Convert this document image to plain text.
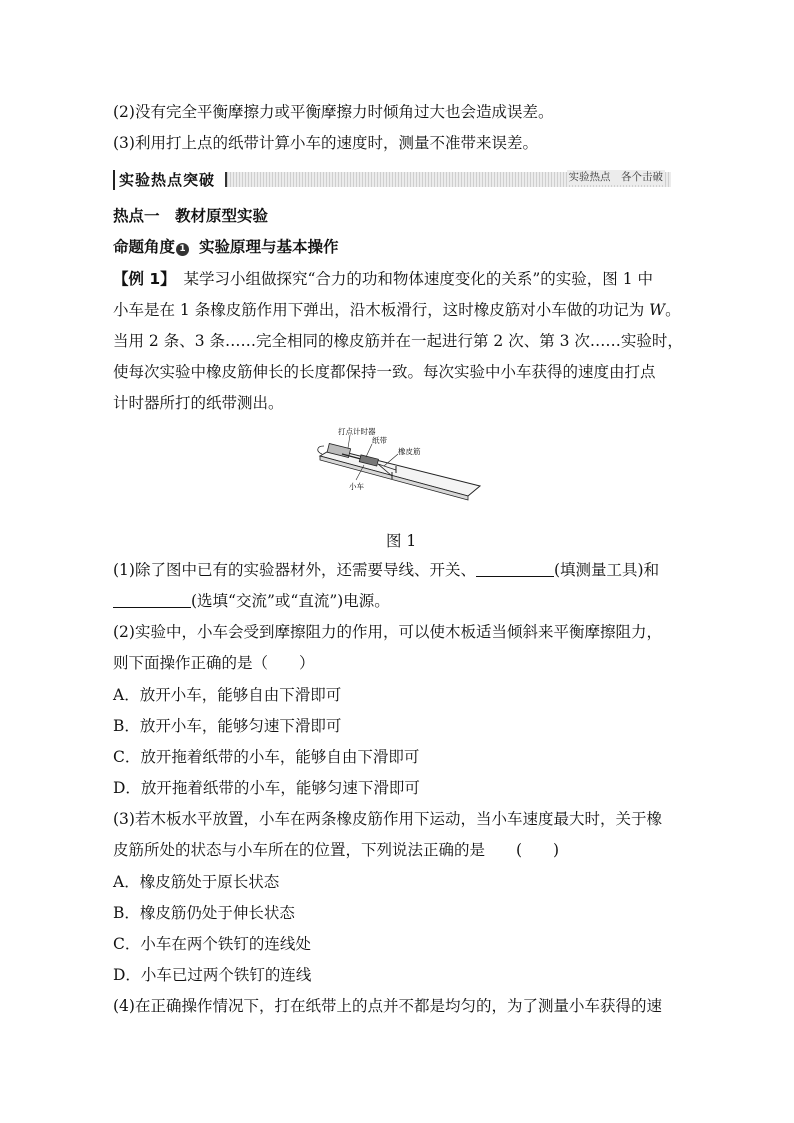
(2)没有完全平衡摩擦力或平衡摩擦力时倾角过大也会造成误差。
(3)利用打上点的纸带计算小车的速度时，测量不准带来误差。
实验热点突破	实验热点　各个击破
热点一　教材原型实验
命题角度 1 实验原理与基本操作
【例 1】　某学习小组做探究“合力的功和物体速度变化的关系”的实验，图 1 中
小车是在 1 条橡皮筋作用下弹出，沿木板滑行，这时橡皮筋对小车做的功记为 W。
当用 2 条、3 条……完全相同的橡皮筋并在一起进行第 2 次、第 3 次……实验时，
使每次实验中橡皮筋伸长的长度都保持一致。每次实验中小车获得的速度由打点
计时器所打的纸带测出。
打点计时器
纸带
橡皮筋
小车
图 1
(1)除了图中已有的实验器材外，还需要导线、开关、	(填测量工具)和
(选填“交流”或“直流”)电源。
(2)实验中，小车会受到摩擦阻力的作用，可以使木板适当倾斜来平衡摩擦阻力，
则下面操作正确的是（　　）
A．放开小车，能够自由下滑即可
B．放开小车，能够匀速下滑即可
C．放开拖着纸带的小车，能够自由下滑即可
D．放开拖着纸带的小车，能够匀速下滑即可
(3)若木板水平放置，小车在两条橡皮筋作用下运动，当小车速度最大时，关于橡
皮筋所处的状态与小车所在的位置，下列说法正确的是　　(　　)
A．橡皮筋处于原长状态
B．橡皮筋仍处于伸长状态
C．小车在两个铁钉的连线处
D．小车已过两个铁钉的连线
(4)在正确操作情况下，打在纸带上的点并不都是均匀的，为了测量小车获得的速
